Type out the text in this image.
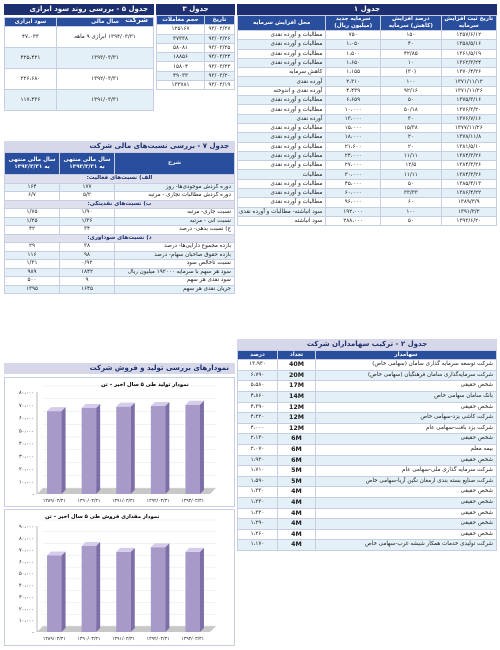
جدول ۱
تاریخ ثبت افزایش سرمایه	درصد افزایش (کاهش) سرمایه	سرمایه جدید (میلیون ریال)	محل افزایش سرمایه
۱۳۵۷/۶/۱۲	۱۵۰	۷۵۰	مطالبات و آورده نقدی
۱۳۵۸/۵/۱۶	۴۰	۱،۰۵۰	مطالبات و آورده نقدی
۱۳۶۱/۵/۱۹	۴۲/۸۵	۱،۵۰۰	مطالبات و آورده نقدی
۱۳۶۲/۳/۲۴	۱۰	۱،۶۵۰	مطالبات و آورده نقدی
۱۳۷۰/۴/۲۶	(۳۰)	۱،۱۵۵	کاهش سرمایه
۱۳۷۱/۱۱/۱۲	۱۰۰	۲،۳۱۰	آورده نقدی
۱۳۷۱/۱۱/۲۶	۹۲/۱۶	۴،۴۳۹	آورده نقدی و اندوخته
۱۳۷۵/۳/۱۶	۵۰	۶،۶۵۹	مطالبات و آورده نقدی
۱۳۷۶/۳/۲۰	۵۰/۱۸	۱۰،۰۰۰	مطالبات و آورده نقدی
۱۳۷۶/۷/۱۶	۳۰	۱۳،۰۰۰	آورده نقدی
۱۳۷۷/۱۱/۲۶	۱۵/۳۸	۱۵،۰۰۰	مطالبات و آورده نقدی
۱۳۷۸/۱۱/۸	۲۰	۱۸،۰۰۰	مطالبات و آورده نقدی
۱۳۸۱/۵/۱۰	۲۰	۲۱،۶۰۰	مطالبات و آورده نقدی
۱۳۸۴/۳/۲۶	۱۱/۱۱	۲۴،۰۰۰	مطالبات و آورده نقدی
۱۳۸۴/۳/۲۶	۱۲/۵	۲۷،۰۰۰	مطالبات و آورده نقدی
۱۳۸۴/۳/۲۶	۱۱/۱۱	۳۰،۰۰۰	مطالبات
۱۳۸۵/۴/۱۳	۵۰	۴۵،۰۰۰	مطالبات و آورده نقدی
۱۳۸۶/۴/۲۲	۳۳/۳۳	۶۰،۰۰۰	مطالبات و آورده نقدی
۱۳۸۹/۳/۹	۶۰	۹۶،۰۰۰	مطالبات و آورده نقدی
۱۳۹۱/۳/۲	۱۰۰	۱۹۲،۰۰۰	سود انباشته- مطالبات و آورده نقدی
۱۳۹۳/۶/۲۰	۵۰	۲۸۸،۰۰۰	سود انباشته
جدول ۲ - ترکیب سهامداران شرکت
سهامدار	تعداد	درصد
شرکت توسعه سرمایه گذاری سامان (سهامی خاص)	40M	۱۳،۹۳۰
شرکت سرمایه‌گذاری سامان فرهنگیان (سهامی خاص)	20M	۶،۷۹۰
شخص حقیقی	17M	۵،۵۸۰
بانک سامان سهامی خاص	14M	۴،۸۶۰
شخص حقیقی	12M	۴،۳۹۰
شرکت کاشی یزد-سهامی خاص	12M	۴،۲۲۰
شرکت یزد بافت-سهامی عام	12M	۴،۰۰۰
شخص حقیقی	6M	۲،۱۳۰
بیمه معلم	6M	۲،۰۷۰
شخص حقیقی	6M	۱،۹۳۰
شرکت سرمایه گذاری ملی-سهامی عام	5M	۱،۷۱۰
شرکت صنایع بسته بندی ارمغان نگین آریا-سهامی خاص	5M	۱،۵۹۰
شخص حقیقی	4M	۱،۳۳۰
شخص حقیقی	4M	۱،۳۳۰
شخص حقیقی	4M	۱،۳۳۰
شخص حقیقی	4M	۱،۲۹۰
شخص حقیقی	4M	۱،۲۶۰
شرکت تولیدی خدمات همکار شیشه غرب-سهامی خاص	4M	۱،۱۷۰
جدول ۳
تاریخ	حجم معاملات
۹۳/۰۳/۲۷	۱۲۵۱۶۷
۹۳/۰۳/۲۶	۳۷۳۳۸
۹۳/۰۳/۲۵	۵۸۰۸۱
۹۳/۰۳/۲۴	۱۸۸۵۶
۹۳/۰۳/۲۳	۱۵۸۰۴
۹۳/۰۳/۲۰	۴۹۰۳۳
۹۳/۰۳/۱۹	۱۳۳۷۸۱
جدول ۵ - بررسی روند سود ابرازی شرکت
سال مالی	سود ابرازی
۱۳۹۴/۰۳/۳۱ ابرازی ۹ ماهه	۴۷،۰۳۳
۱۳۹۳/۰۳/۳۱	۴۲۵،۴۲۱
۱۳۹۲/۰۳/۳۱	۲۲۶،۶۸۰
۱۳۹۱/۰۳/۳۱	۱۱۷،۴۳۶
جدول ۷ - بررسی نسبت‌های مالی شرکت
شرح	سال مالی منتهی به ۱۳۹۳/۳/۳۱	سال مالی منتهی به ۱۳۹۲/۳/۳۱
الف) نسبت‌های فعالیت:		
دوره گردش موجودی‌ها- روز	۱۷۷	۱۶۴
دوره گردش مطالبات تجاری - مرتبه	۵/۲	۶/۷
ب) نسبت‌های نقدینگی:		
نسبت جاری- مرتبه	۱/۹۰	۱/۷۵
نسبت آنی - مرتبه	۱/۳۶	۱/۲۵
ج) نسبت بدهی- درصد	۳۴	۴۲
د) نسبت‌های سودآوری:		
بازده مجموع دارایی‌ها- درصد	۳۸	۲۹
بازده حقوق صاحبان سهام- درصد	۹۸	۱۱۶
نسبت ناخالص سود	۰/۹۲	۱/۳۱
سود هر سهم با سرمایه ۱۹۲۰۰۰ میلیون ریال	۱۸۴۲	۹۸۹
سود نقدی هر سهم	۹	۵۰۰
جریان نقدی هر سهم	۱۶۴۵	۱۳۹۵
نمودارهای بررسی تولید و فروش شرکت
۸۰،۰۰۰
۷۰،۰۰۰
۶۰،۰۰۰
۵۰،۰۰۰
۴۰،۰۰۰
۳۰،۰۰۰
۲۰،۰۰۰
۱۰،۰۰۰
-
۱۳۸۹/۰۳/۳۱	۱۳۹۰/۰۳/۳۱	۱۳۹۱/۰۳/۳۱	۱۳۹۲/۰۳/۳۱	۱۳۹۳/۰۳/۳۱
نمودار تولید طی ۵ سال اخیر – تن
۹۰،۰۰۰
۸۰،۰۰۰
۷۰،۰۰۰
۶۰،۰۰۰
۵۰،۰۰۰
۴۰،۰۰۰
۳۰،۰۰۰
۲۰،۰۰۰
۱۰،۰۰۰
-
۱۳۸۹/۰۳/۳۱	۱۳۹۰/۰۳/۳۱	۱۳۹۱/۰۳/۳۱	۱۳۹۲/۰۳/۳۱	۱۳۹۳/۰۳/۳۱
نمودار مقداری فروش طی ۵ سال اخیر – تن
